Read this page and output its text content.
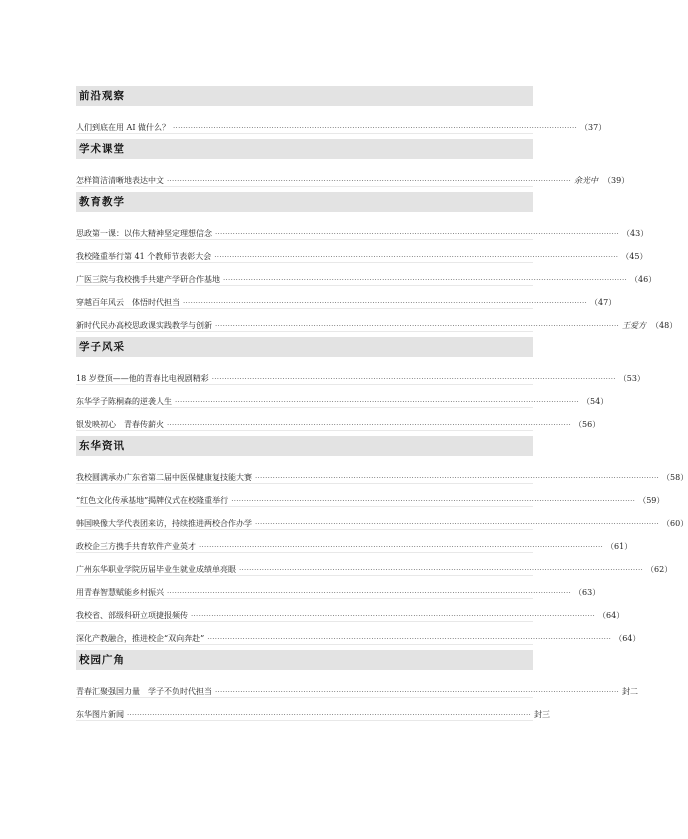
前沿观察
人们到底在用 AI 做什么？ ································································································································································ （37）
学术课堂
怎样简洁清晰地表达中文 ································································································································································ 余光中 （39）
教育教学
思政第一课：以伟大精神坚定理想信念 ································································································································································ （43）
我校隆重举行第 41 个教师节表彰大会 ································································································································································ （45）
广医三院与我校携手共建产学研合作基地 ································································································································································ （46）
穿越百年风云　体悟时代担当 ································································································································································ （47）
新时代民办高校思政课实践教学与创新 ································································································································································ 王爱方 （48）
学子风采
18 岁登顶——他的青春比电视剧精彩 ································································································································································ （53）
东华学子陈桐森的逆袭人生 ································································································································································ （54）
银发映初心　青春传薪火 ································································································································································ （56）
东华资讯
我校圆满承办广东省第二届中医保健康复技能大赛 ································································································································································ （58）
“红色文化传承基地”揭牌仪式在校隆重举行 ································································································································································ （59）
韩国映像大学代表团来访，持续推进两校合作办学 ································································································································································ （60）
政校企三方携手共育软件产业英才 ································································································································································ （61）
广州东华职业学院历届毕业生就业成绩单亮眼 ································································································································································ （62）
用青春智慧赋能乡村振兴 ································································································································································ （63）
我校省、部级科研立项捷报频传 ································································································································································ （64）
深化产教融合，推进校企“双向奔赴” ································································································································································ （64）
校园广角
青春汇聚强国力量　学子不负时代担当 ································································································································································ 封二
东华图片新闻 ································································································································································ 封三
